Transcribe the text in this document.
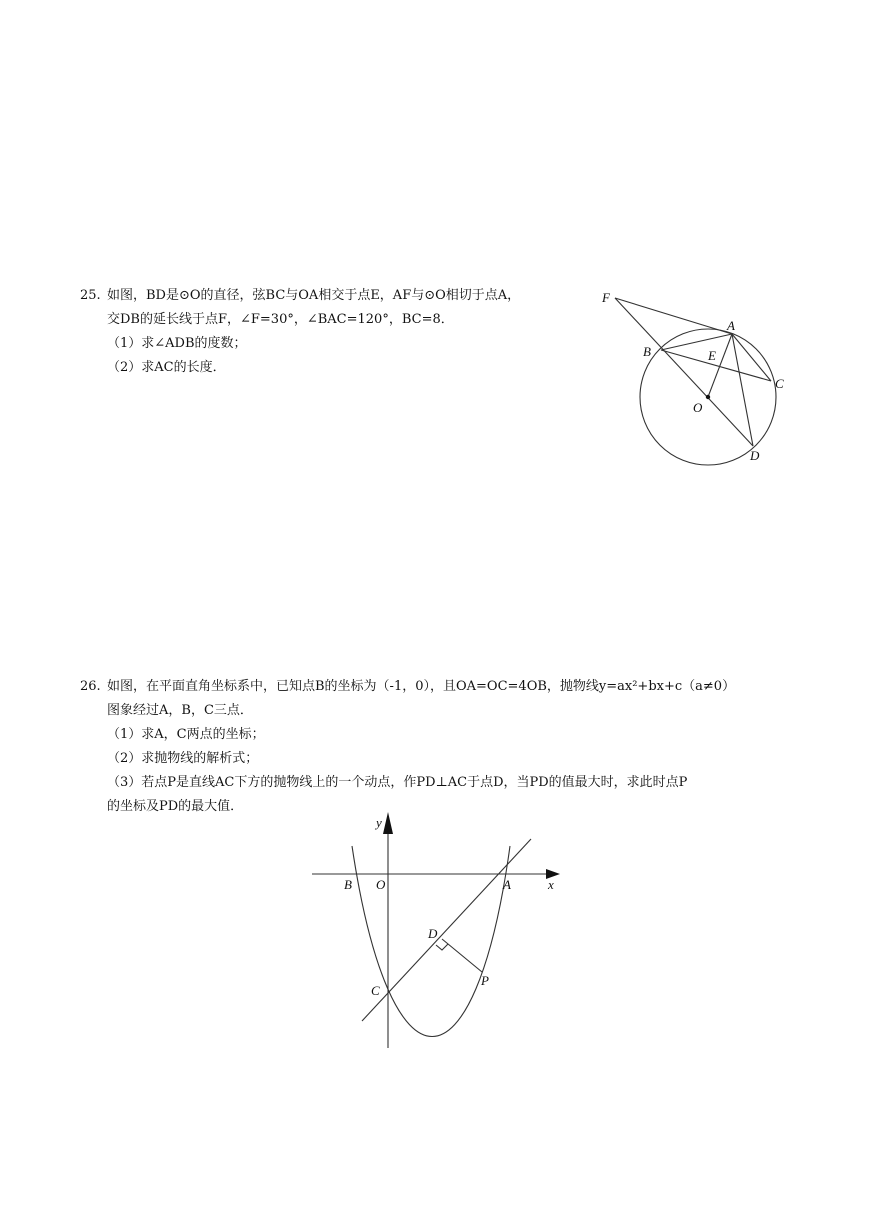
25. 如图，BD是⊙O的直径，弦BC与OA相交于点E，AF与⊙O相切于点A，
交DB的延长线于点F，∠F=30°，∠BAC=120°，BC=8．
（1）求∠ADB的度数；
（2）求AC的长度．
F
A
B	E
C
O
D
26. 如图，在平面直角坐标系中，已知点B的坐标为（-1，0），且OA=OC=4OB，抛物线y=ax²+bx+c（a≠0）
图象经过A，B，C三点．
（1）求A，C两点的坐标；
（2）求抛物线的解析式；
（3）若点P是直线AC下方的抛物线上的一个动点，作PD⊥AC于点D，当PD的值最大时，求此时点P
的坐标及PD的最大值．
y
x
B O	A
D
C
P
